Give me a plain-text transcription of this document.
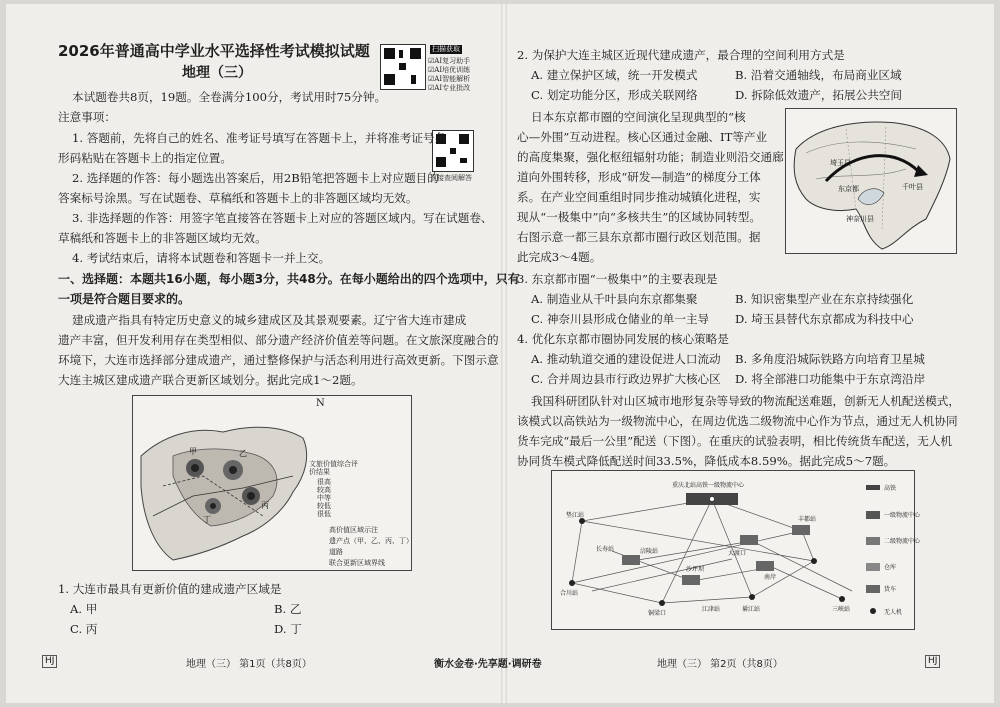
2026年普通高中学业水平选择性考试模拟试题
地理（三）
扫描获取
☑AI复习助手
☑AI培优训练
☑AI智能解析
☑AI专业批改
直接查阅解答
本试题卷共8页，19题。全卷满分100分，考试用时75分钟。
注意事项：
1. 答题前，先将自己的姓名、准考证号填写在答题卡上，并将准考证号条
形码粘贴在答题卡上的指定位置。
2. 选择题的作答：每小题选出答案后，用2B铅笔把答题卡上对应题目的
答案标号涂黑。写在试题卷、草稿纸和答题卡上的非答题区域均无效。
3. 非选择题的作答：用签字笔直接答在答题卡上对应的答题区域内。写在试题卷、
草稿纸和答题卡上的非答题区域均无效。
4. 考试结束后，请将本试题卷和答题卡一并上交。
一、选择题：本题共16小题，每小题3分，共48分。在每小题给出的四个选项中，只有
一项是符合题目要求的。
建成遗产指具有特定历史意义的城乡建成区及其景观要素。辽宁省大连市建成
遗产丰富，但开发利用存在类型相似、部分遗产经济价值差等问题。在文旅深度融合的
环境下，大连市选择部分建成遗产，通过整修保护与活态利用进行高效更新。下图示意
大连主城区建成遗产联合更新区域划分。据此完成1～2题。
甲	乙
丙
丁
N
文旅价值综合评价结果
很高
较高
中等
较低
很低
高价值区域示注
遗产点（甲、乙、丙、丁）
道路
联合更新区域界线
1. 大连市最具有更新价值的建成遗产区域是
A. 甲	B. 乙
C. 丙	D. 丁
HJ	地理（三） 第1页（共8页）	衡水金卷·先享题·调研卷
2. 为保护大连主城区近现代建成遗产，最合理的空间利用方式是
A. 建立保护区域，统一开发模式	B. 沿着交通轴线，布局商业区域
C. 划定功能分区，形成关联网络	D. 拆除低效遗产，拓展公共空间
日本东京都市圈的空间演化呈现典型的“核
心—外围”互动进程。核心区通过金融、IT等产业
的高度集聚，强化枢纽辐射功能；制造业则沿交通廊
道向外围转移，形成“研发—制造”的梯度分工体
系。在产业空间重组时同步推动城镇化进程，实
现从“一极集中”向“多核共生”的区域协同转型。
右图示意一都三县东京都市圈行政区划范围。据
此完成3～4题。
埼玉县
东京都	千叶县
神奈川县
3. 东京都市圈“一极集中”的主要表现是
A. 制造业从千叶县向东京都集聚	B. 知识密集型产业在东京持续强化
C. 神奈川县形成仓储业的单一主导 D. 埼玉县替代东京都成为科技中心
4. 优化东京都市圈协同发展的核心策略是
A. 推动轨道交通的建设促进人口流动 B. 多角度沿城际铁路方向培育卫星城
C. 合并周边县市行政边界扩大核心区 D. 将全部港口功能集中于东京湾沿岸
我国科研团队针对山区城市地形复杂等导致的物流配送难题，创新无人机配送模式，
该模式以高铁站为一级物流中心，在周边优选二级物流中心作为节点，通过无人机协同
货车完成“最后一公里”配送（下图）。在重庆的试验表明，相比传统货车配送，无人机
协同货车模式降低配送时间33.5%，降低成本8.59%。据此完成5～7题。
重庆北站高铁一级物流中心
垫江站
丰都站
长寿站	涪陵站	大渡口
沙坪坝
合川站
南岸
铜梁口
江津站	綦江站	三峡站
高铁
一级物流中心
二级物流中心
仓库
货车
无人机
地理（三） 第2页（共8页）	HJ
